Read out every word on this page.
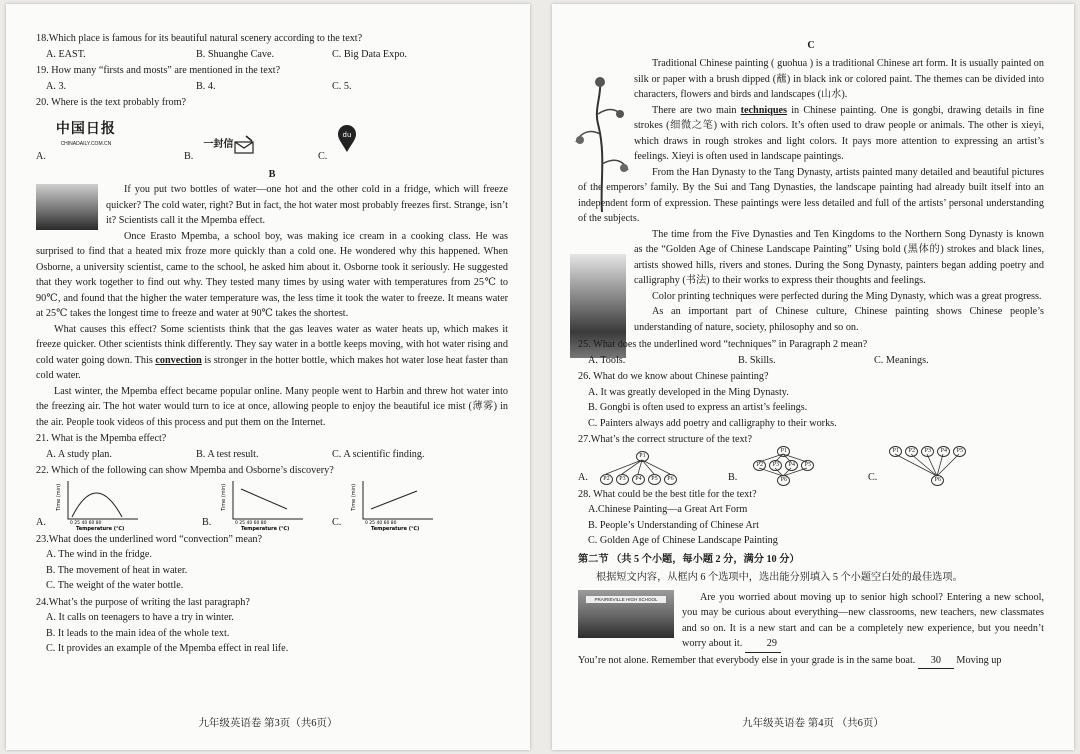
18.Which place is famous for its beautiful natural scenery according to the text?

A. EAST.	B. Shuanghe Cave.	C. Big Data Expo.

19. How many “firsts and mosts” are mentioned in the text?

A. 3.	B. 4.	C. 5.

20. Where is the text probably from?

A.
中国日报
CHINADAILY.COM.CN
B.
一封信
C.
du

B

If you put two bottles of water—one hot and the other cold in a fridge, which will freeze quicker? The cold water, right? But in fact, the hot water most probably freezes first. Strange, isn’t it? Scientists call it the Mpemba effect.

Once Erasto Mpemba, a school boy, was making ice cream in a cooking class. He was surprised to find that a heated mix froze more quickly than a cold one. He wondered why this happened. When Osborne, a university scientist, came to the school, he asked him about it. Osborne took it seriously. He suggested that they work together to find out why. They tested many times by using water with temperatures from 25℃ to 90℃, and found that the higher the water temperature was, the less time it took the water to freeze. It means water at 25℃ takes the longest time to freeze and water at 90℃ takes the shortest.

What causes this effect? Some scientists think that the gas leaves water as water heats up, which makes it freeze quicker. Other scientists think differently. They say water in a bottle keeps moving, with hot water rising and cold water going down. This convection is stronger in the hotter bottle, which makes hot water lose heat faster than cold water.

Last winter, the Mpemba effect became popular online. Many people went to Harbin and threw hot water into the freezing air. The hot water would turn to ice at once, allowing people to enjoy the beautiful ice mist (薄雾) in the air. People took videos of this process and put them on the Internet.

21. What is the Mpemba effect?

A. A study plan.	B. A test result.	C. A scientific finding.

22. Which of the following can show Mpemba and Osborne’s discovery?

A.
Time (min)
0 25 40 60 80
Temperature (℃)
B.
Time (min)
0 25 40 60 80
Temperature (℃)
C.
Time (min)
0 25 40 60 80
Temperature (℃)

23.What does the underlined word “convection” mean?

A. The wind in the fridge.

B. The movement of heat in water.

C. The weight of the water bottle.

24.What’s the purpose of writing the last paragraph?

A. It calls on teenagers to have a try in winter.

B. It leads to the main idea of the whole text.

C. It provides an example of the Mpemba effect in real life.

九年级英语卷 第3页（共6页）

C

Traditional Chinese painting ( guohua ) is a traditional Chinese art form. It is usually painted on silk or paper with a brush dipped (蘸) in black ink or colored paint. The themes can be divided into characters, flowers and birds and landscapes (山水).

There are two main techniques in Chinese painting. One is gongbi, drawing details in fine strokes (细微之笔) with rich colors. It’s often used to draw people or animals. The other is xieyi, which draws in rough strokes and light colors. It pays more attention to expressing an artist’s feelings. Xieyi is often used in landscape paintings.

From the Han Dynasty to the Tang Dynasty, artists painted many detailed and beautiful pictures of the emperors’ family. By the Sui and Tang Dynasties, the landscape painting had already built itself into an independent form of expression. These paintings were less detailed and full of the artists’ personal understanding of the subjects.

The time from the Five Dynasties and Ten Kingdoms to the Northern Song Dynasty is known as the “Golden Age of Chinese Landscape Painting” Using bold (黑体的) strokes and black lines, artists showed hills, rivers and stones. During the Song Dynasty, painters began adding poetry and calligraphy (书法) to their works to express their thoughts and feelings.

Color printing techniques were perfected during the Ming Dynasty, which was a great progress.

As an important part of Chinese culture, Chinese painting shows Chinese people’s understanding of nature, society, philosophy and so on.

25. What does the underlined word “techniques” in Paragraph 2 mean?

A. Tools.	B. Skills.	C. Meanings.

26. What do we know about Chinese painting?

A. It was greatly developed in the Ming Dynasty.

B. Gongbi is often used to express an artist’s feelings.

C. Painters always add poetry and calligraphy to their works.

27.What’s the correct structure of the text?

A.
P1
P2	P3	P4	P5	P6	B.
P1
P2	P3	P4	P5
P6	C.
P1	P2	P3	P4	P5
P6

28. What could be the best title for the text?

A.Chinese Painting—a Great Art Form

B. People’s Understanding of Chinese Art

C. Golden Age of Chinese Landscape Painting

第二节 （共 5 个小题，每小题 2 分，满分 10 分）

根据短文内容，从框内 6 个选项中，选出能分别填入 5 个小题空白处的最佳选项。

PRAIRIEVILLE HIGH SCHOOL	Are you worried about moving up to senior high school? Entering a new school, you may be curious about everything—new classrooms, new teachers, new classmates and so on. It is a new start and can be a completely new experience, but you needn’t worry about it. 29

You’re not alone. Remember that everybody else in your grade is in the same boat. 30 Moving up

九年级英语卷 第4页 （共6页）
